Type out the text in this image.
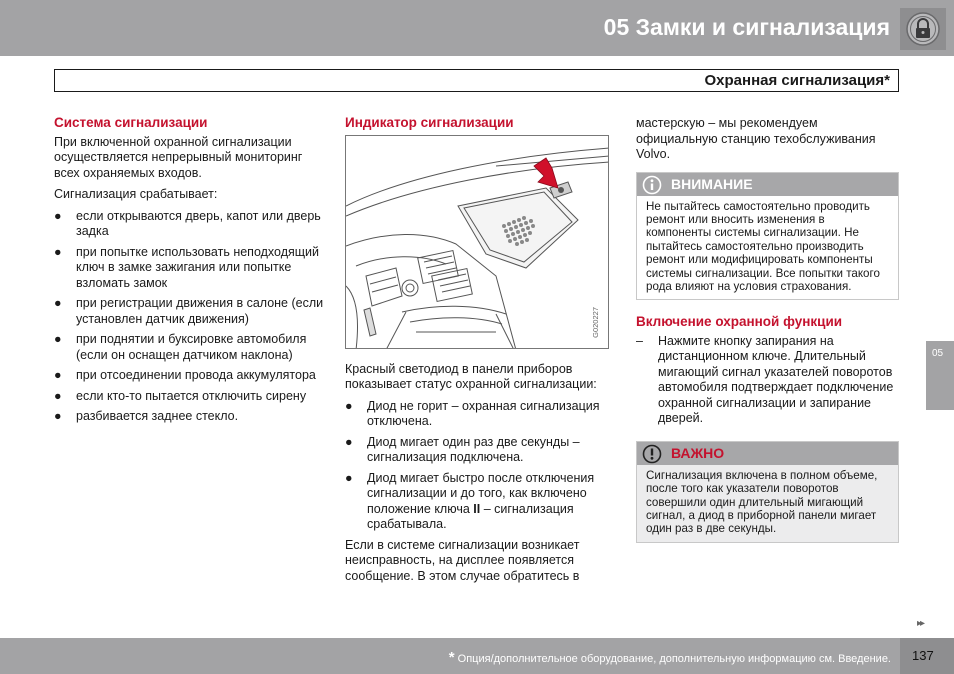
05 Замки и сигнализация
Охранная сигнализация*
Система сигнализации

При включенной охранной сигнализации осуществляется непрерывный мониторинг всех охраняемых входов.

Сигнализация срабатывает:

● если открываются дверь, капот или дверь задка
● при попытке использовать неподходящий ключ в замке зажигания или попытке взломать замок
● при регистрации движения в салоне (если установлен датчик движения)
● при поднятии и буксировке автомобиля (если он оснащен датчиком наклона)
● при отсоединении провода аккумулятора
● если кто-то пытается отключить сирену
● разбивается заднее стекло.
Индикатор сигнализации
G020227

Красный светодиод в панели приборов показывает статус охранной сигнализации:

● Диод не горит – охранная сигнализация отключена.
● Диод мигает один раз две секунды – сигнализация подключена.
● Диод мигает быстро после отключения сигнализации и до того, как включено положение ключа II – сигнализация срабатывала.

Если в системе сигнализации возникает неисправность, на дисплее появляется сообщение. В этом случае обратитесь в

мастерскую – мы рекомендуем официальную станцию техобслуживания Volvo.

ВНИМАНИЕ
Не пытайтесь самостоятельно проводить ремонт или вносить изменения в компоненты системы сигнализации. Не пытайтесь самостоятельно производить ремонт или модифицировать компоненты системы сигнализации. Все попытки такого рода влияют на условия страхования.
Включение охранной функции
– Нажмите кнопку запирания на дистанционном ключе. Длительный мигающий сигнал указателей поворотов автомобиля подтверждает подключение охранной сигнализации и запирание дверей.
ВАЖНО
Сигнализация включена в полном объеме, после того как указатели поворотов совершили один длительный мигающий сигнал, а диод в приборной панели мигает один раз в две секунды.
05
▸▸
* Опция/дополнительное оборудование, дополнительную информацию см. Введение. 137
